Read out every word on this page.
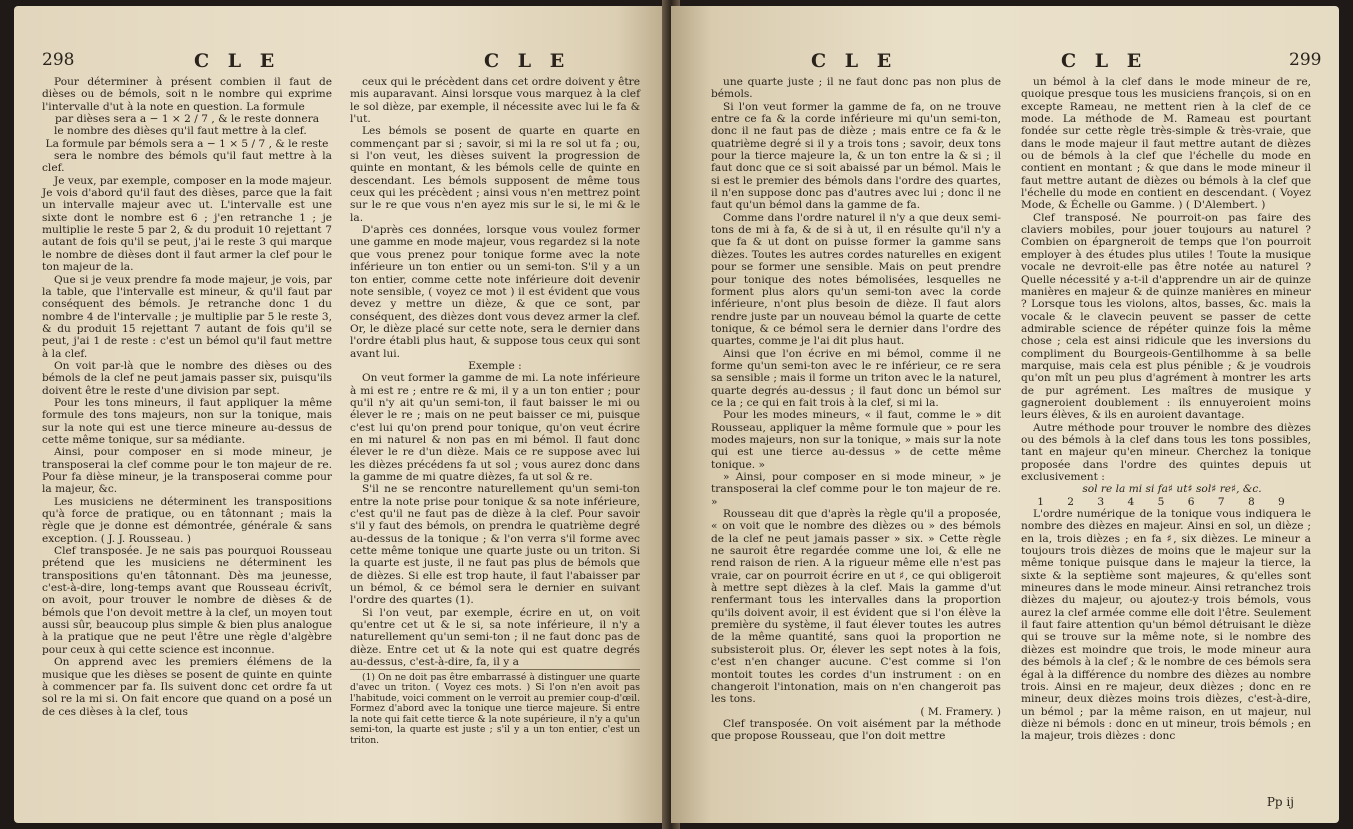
298	C L E	C L E

Pour déterminer à présent combien il faut de dièses ou de bémols, soit n le nombre qui exprime l'intervalle d'ut à la note en question. La formule

par dièses sera a − 1 × 2 / 7 , & le reste donnera

le nombre des dièses qu'il faut mettre à la clef.

La formule par bémols sera a − 1 × 5 / 7 , & le reste

sera le nombre des bémols qu'il faut mettre à la clef.

Je veux, par exemple, composer en la mode majeur. Je vois d'abord qu'il faut des dièses, parce que la fait un intervalle majeur avec ut. L'intervalle est une sixte dont le nombre est 6 ; j'en retranche 1 ; je multiplie le reste 5 par 2, & du produit 10 rejettant 7 autant de fois qu'il se peut, j'ai le reste 3 qui marque le nombre de dièses dont il faut armer la clef pour le ton majeur de la.

Que si je veux prendre fa mode majeur, je vois, par la table, que l'intervalle est mineur, & qu'il faut par conséquent des bémols. Je retranche donc 1 du nombre 4 de l'intervalle ; je multiplie par 5 le reste 3, & du produit 15 rejettant 7 autant de fois qu'il se peut, j'ai 1 de reste : c'est un bémol qu'il faut mettre à la clef.

On voit par-là que le nombre des dièses ou des bémols de la clef ne peut jamais passer six, puisqu'ils doivent être le reste d'une division par sept.

Pour les tons mineurs, il faut appliquer la même formule des tons majeurs, non sur la tonique, mais sur la note qui est une tierce mineure au-dessus de cette même tonique, sur sa médiante.

Ainsi, pour composer en si mode mineur, je transposerai la clef comme pour le ton majeur de re. Pour fa dièse mineur, je la transposerai comme pour la majeur, &c.

Les musiciens ne déterminent les transpositions qu'à force de pratique, ou en tâtonnant ; mais la règle que je donne est démontrée, générale & sans exception. ( J. J. Rousseau. )

Clef transposée. Je ne sais pas pourquoi Rousseau prétend que les musiciens ne déterminent les transpositions qu'en tâtonnant. Dès ma jeunesse, c'est-à-dire, long-temps avant que Rousseau écrivît, on avoit, pour trouver le nombre de dièses & de bémols que l'on devoit mettre à la clef, un moyen tout aussi sûr, beaucoup plus simple & bien plus analogue à la pratique que ne peut l'être une règle d'algèbre pour ceux à qui cette science est inconnue.

On apprend avec les premiers élémens de la musique que les dièses se posent de quinte en quinte à commencer par fa. Ils suivent donc cet ordre fa ut sol re la mi si. On fait encore que quand on a posé un de ces dièses à la clef, tous

ceux qui le précèdent dans cet ordre doivent y être mis auparavant. Ainsi lorsque vous marquez à la clef le sol dièze, par exemple, il nécessite avec lui le fa & l'ut.

Les bémols se posent de quarte en quarte en commençant par si ; savoir, si mi la re sol ut fa ; ou, si l'on veut, les dièses suivent la progression de quinte en montant, & les bémols celle de quinte en descendant. Les bémols supposent de même tous ceux qui les précèdent ; ainsi vous n'en mettrez point sur le re que vous n'en ayez mis sur le si, le mi & le la.

D'après ces données, lorsque vous voulez former une gamme en mode majeur, vous regardez si la note que vous prenez pour tonique forme avec la note inférieure un ton entier ou un semi-ton. S'il y a un ton entier, comme cette note inférieure doit devenir note sensible, ( voyez ce mot ) il est évident que vous devez y mettre un dièze, & que ce sont, par conséquent, des dièzes dont vous devez armer la clef. Or, le dièze placé sur cette note, sera le dernier dans l'ordre établi plus haut, & suppose tous ceux qui sont avant lui.

Exemple :

On veut former la gamme de mi. La note inférieure à mi est re ; entre re & mi, il y a un ton entier ; pour qu'il n'y ait qu'un semi-ton, il faut baisser le mi ou élever le re ; mais on ne peut baisser ce mi, puisque c'est lui qu'on prend pour tonique, qu'on veut écrire en mi naturel & non pas en mi bémol. Il faut donc élever le re d'un dièze. Mais ce re suppose avec lui les dièzes précédens fa ut sol ; vous aurez donc dans la gamme de mi quatre dièzes, fa ut sol & re.

S'il ne se rencontre naturellement qu'un semi-ton entre la note prise pour tonique & sa note inférieure, c'est qu'il ne faut pas de dièze à la clef. Pour savoir s'il y faut des bémols, on prendra le quatrième degré au-dessus de la tonique ; & l'on verra s'il forme avec cette même tonique une quarte juste ou un triton. Si la quarte est juste, il ne faut pas plus de bémols que de dièzes. Si elle est trop haute, il faut l'abaisser par un bémol, & ce bémol sera le dernier en suivant l'ordre des quartes (1).

Si l'on veut, par exemple, écrire en ut, on voit qu'entre cet ut & le si, sa note inférieure, il n'y a naturellement qu'un semi-ton ; il ne faut donc pas de dièze. Entre cet ut & la note qui est quatre degrés au-dessus, c'est-à-dire, fa, il y a

(1) On ne doit pas être embarrassé à distinguer une quarte d'avec un triton. ( Voyez ces mots. ) Si l'on n'en avoit pas l'habitude, voici comment on le verroit au premier coup-d'œil. Formez d'abord avec la tonique une tierce majeure. Si entre la note qui fait cette tierce & la note supérieure, il n'y a qu'un semi-ton, la quarte est juste ; s'il y a un ton entier, c'est un triton.

C L E	C L E	299

une quarte juste ; il ne faut donc pas non plus de bémols.

Si l'on veut former la gamme de fa, on ne trouve entre ce fa & la corde inférieure mi qu'un semi-ton, donc il ne faut pas de dièze ; mais entre ce fa & le quatrième degré si il y a trois tons ; savoir, deux tons pour la tierce majeure la, & un ton entre la & si ; il faut donc que ce si soit abaissé par un bémol. Mais le si est le premier des bémols dans l'ordre des quartes, il n'en suppose donc pas d'autres avec lui ; donc il ne faut qu'un bémol dans la gamme de fa.

Comme dans l'ordre naturel il n'y a que deux semi-tons de mi à fa, & de si à ut, il en résulte qu'il n'y a que fa & ut dont on puisse former la gamme sans dièzes. Toutes les autres cordes naturelles en exigent pour se former une sensible. Mais on peut prendre pour tonique des notes bémolisées, lesquelles ne forment plus alors qu'un semi-ton avec la corde inférieure, n'ont plus besoin de dièze. Il faut alors rendre juste par un nouveau bémol la quarte de cette tonique, & ce bémol sera le dernier dans l'ordre des quartes, comme je l'ai dit plus haut.

Ainsi que l'on écrive en mi bémol, comme il ne forme qu'un semi-ton avec le re inférieur, ce re sera sa sensible ; mais il forme un triton avec le la naturel, quarte degrés au-dessus ; il faut donc un bémol sur ce la ; ce qui en fait trois à la clef, si mi la.

Pour les modes mineurs, « il faut, comme le » dit Rousseau, appliquer la même formule que » pour les modes majeurs, non sur la tonique, » mais sur la note qui est une tierce au-dessus » de cette même tonique. »

» Ainsi, pour composer en si mode mineur, » je transposerai la clef comme pour le ton majeur de re. »

Rousseau dit que d'après la règle qu'il a proposée, « on voit que le nombre des dièzes ou » des bémols de la clef ne peut jamais passer » six. » Cette règle ne sauroit être regardée comme une loi, & elle ne rend raison de rien. A la rigueur même elle n'est pas vraie, car on pourroit écrire en ut ♯, ce qui obligeroit à mettre sept dièzes à la clef. Mais la gamme d'ut renfermant tous les intervalles dans la proportion qu'ils doivent avoir, il est évident que si l'on élève la première du système, il faut élever toutes les autres de la même quantité, sans quoi la proportion ne subsisteroit plus. Or, élever les sept notes à la fois, c'est n'en changer aucune. C'est comme si l'on montoit toutes les cordes d'un instrument : on en changeroit l'intonation, mais on n'en changeroit pas les tons.

( M. Framery. )

Clef transposée. On voit aisément par la méthode que propose Rousseau, que l'on doit mettre

un bémol à la clef dans le mode mineur de re, quoique presque tous les musiciens françois, si on en excepte Rameau, ne mettent rien à la clef de ce mode. La méthode de M. Rameau est pourtant fondée sur cette règle très-simple & très-vraie, que dans le mode majeur il faut mettre autant de dièzes ou de bémols à la clef que l'échelle du mode en contient en montant ; & que dans le mode mineur il faut mettre autant de dièzes ou bémols à la clef que l'échelle du mode en contient en descendant. ( Voyez Mode, & Échelle ou Gamme. ) ( D'Alembert. )

Clef transposé. Ne pourroit-on pas faire des claviers mobiles, pour jouer toujours au naturel ? Combien on épargneroit de temps que l'on pourroit employer à des études plus utiles ! Toute la musique vocale ne devroit-elle pas être notée au naturel ? Quelle nécessité y a-t-il d'apprendre un air de quinze manières en majeur & de quinze manières en mineur ? Lorsque tous les violons, altos, basses, &c. mais la vocale & le clavecin peuvent se passer de cette admirable science de répéter quinze fois la même chose ; cela est ainsi ridicule que les inversions du compliment du Bourgeois-Gentilhomme à sa belle marquise, mais cela est plus pénible ; & je voudrois qu'on mît un peu plus d'agrément à montrer les arts de pur agrément. Les maîtres de musique y gagneroient doublement : ils ennuyeroient moins leurs élèves, & ils en auroient davantage.

Autre méthode pour trouver le nombre des dièzes ou des bémols à la clef dans tous les tons possibles, tant en majeur qu'en mineur. Cherchez la tonique proposée dans l'ordre des quintes depuis ut exclusivement :

sol re la mi si fa♯ ut♯ sol♯ re♯, &c.

1 2 3 4 5 6 7 8 9

L'ordre numérique de la tonique vous indiquera le nombre des dièzes en majeur. Ainsi en sol, un dièze ; en la, trois dièzes ; en fa ♯, six dièzes. Le mineur a toujours trois dièzes de moins que le majeur sur la même tonique puisque dans le majeur la tierce, la sixte & la septième sont majeures, & qu'elles sont mineures dans le mode mineur. Ainsi retranchez trois dièzes du majeur, ou ajoutez-y trois bémols, vous aurez la clef armée comme elle doit l'être. Seulement il faut faire attention qu'un bémol détruisant le dièze qui se trouve sur la même note, si le nombre des dièzes est moindre que trois, le mode mineur aura des bémols à la clef ; & le nombre de ces bémols sera égal à la différence du nombre des dièzes au nombre trois. Ainsi en re majeur, deux dièzes ; donc en re mineur, deux dièzes moins trois dièzes, c'est-à-dire, un bémol ; par la même raison, en ut majeur, nul dièze ni bémols : donc en ut mineur, trois bémols ; en la majeur, trois dièzes : donc

Pp ij
